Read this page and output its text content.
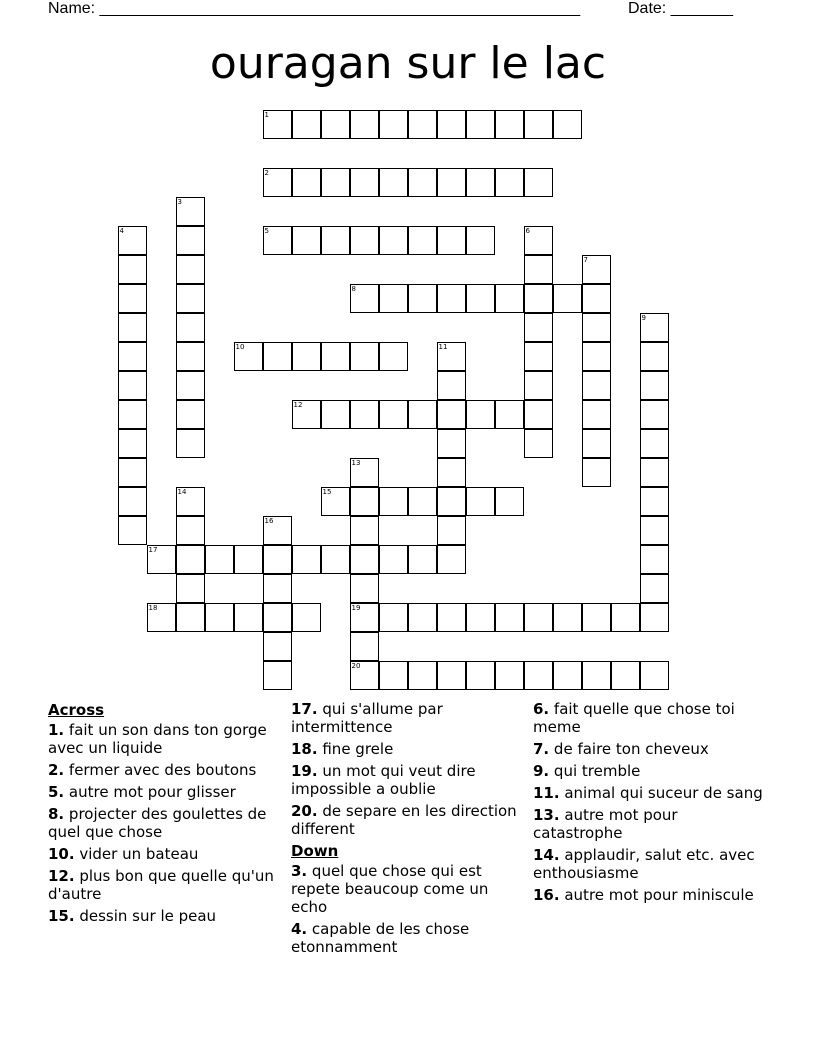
Name: ______________________________________________________	Date: _______
ouragan sur le lac
1
2
3
4	5	6
7
8
9
10	11
12
13
19
20
14	15
16
17
18
Across
1. fait un son dans ton gorge avec un liquide
2. fermer avec des boutons
5. autre mot pour glisser
8. projecter des goulettes de quel que chose
10. vider un bateau
12. plus bon que quelle qu'un d'autre
15. dessin sur le peau
17. qui s'allume par intermittence
18. fine grele
19. un mot qui veut dire impossible a oublie
20. de separe en les direction different
Down
3. quel que chose qui est repete beaucoup come un echo
4. capable de les chose etonnamment
6. fait quelle que chose toi meme
7. de faire ton cheveux
9. qui tremble
11. animal qui suceur de sang
13. autre mot pour catastrophe
14. applaudir, salut etc. avec enthousiasme
16. autre mot pour miniscule
